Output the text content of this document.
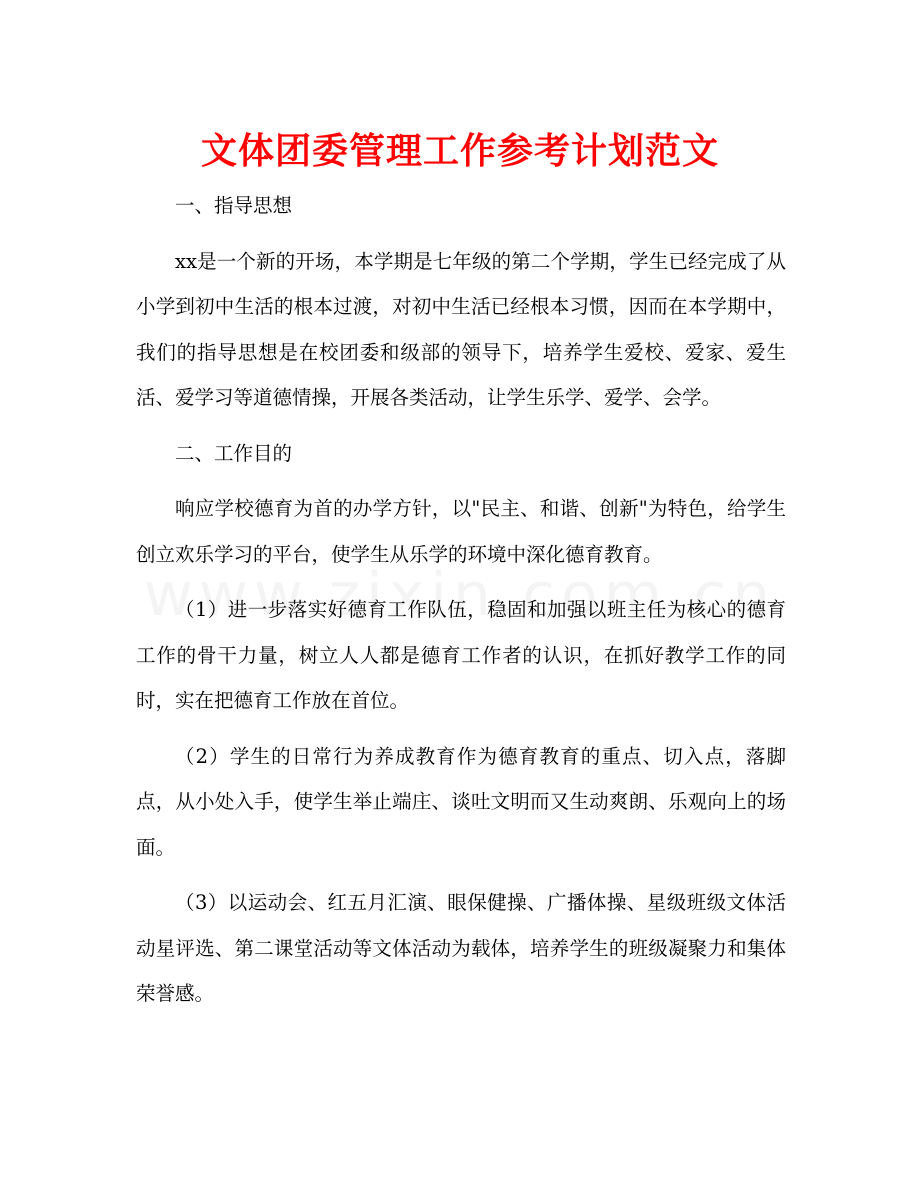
文体团委管理工作参考计划范文

一、指导思想

xx是一个新的开场，本学期是七年级的第二个学期，学生已经完成了从小学到初中生活的根本过渡，对初中生活已经根本习惯，因而在本学期中，我们的指导思想是在校团委和级部的领导下，培养学生爱校、爱家、爱生活、爱学习等道德情操，开展各类活动，让学生乐学、爱学、会学。

二、工作目的

响应学校德育为首的办学方针，以"民主、和谐、创新"为特色，给学生创立欢乐学习的平台，使学生从乐学的环境中深化德育教育。

（1）进一步落实好德育工作队伍，稳固和加强以班主任为核心的德育工作的骨干力量，树立人人都是德育工作者的认识，在抓好教学工作的同时，实在把德育工作放在首位。

（2）学生的日常行为养成教育作为德育教育的重点、切入点，落脚点，从小处入手，使学生举止端庄、谈吐文明而又生动爽朗、乐观向上的场面。

（3）以运动会、红五月汇演、眼保健操、广播体操、星级班级文体活动星评选、第二课堂活动等文体活动为载体，培养学生的班级凝聚力和集体荣誉感。
